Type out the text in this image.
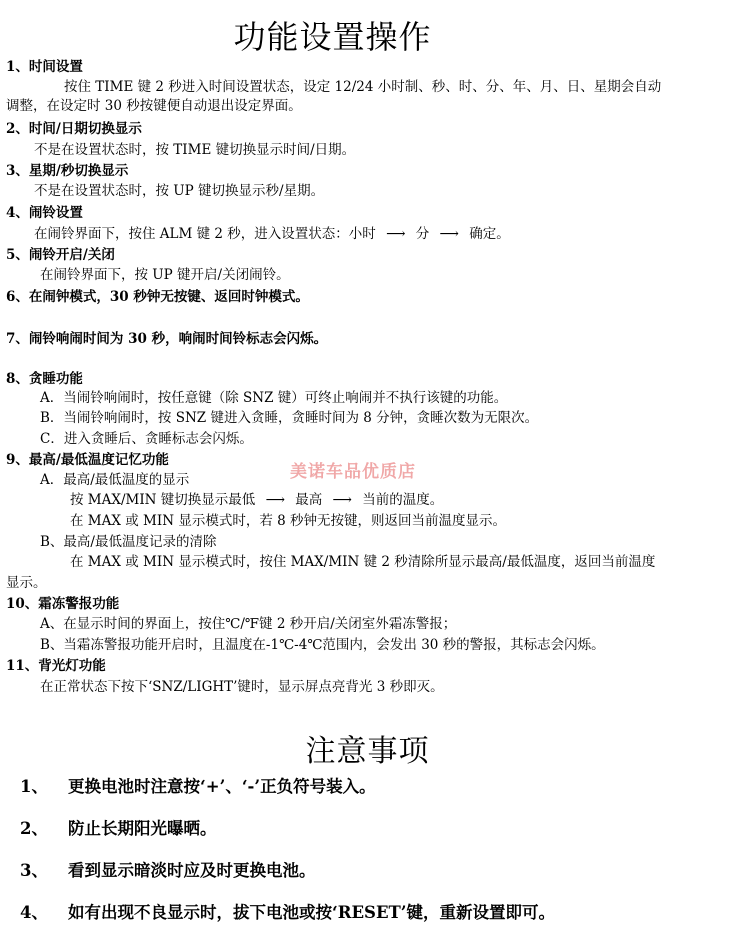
功能设置操作
1、时间设置
按住 TIME 键 2 秒进入时间设置状态，设定 12/24 小时制、秒、时、分、年、月、日、星期会自动
调整，在设定时 30 秒按键便自动退出设定界面。
2、时间/日期切换显示
不是在设置状态时，按 TIME 键切换显示时间/日期。
3、星期/秒切换显示
不是在设置状态时，按 UP 键切换显示秒/星期。
4、闹铃设置
在闹铃界面下，按住 ALM 键 2 秒，进入设置状态：小时 ⟶ 分 ⟶ 确定。
5、闹铃开启/关闭
在闹铃界面下，按 UP 键开启/关闭闹铃。
6、在闹钟模式，30 秒钟无按键、返回时钟模式。
7、闹铃响闹时间为 30 秒，响闹时间铃标志会闪烁。
8、贪睡功能
A．当闹铃响闹时，按任意键（除 SNZ 键）可终止响闹并不执行该键的功能。
B．当闹铃响闹时，按 SNZ 键进入贪睡，贪睡时间为 8 分钟，贪睡次数为无限次。
C．进入贪睡后、贪睡标志会闪烁。
9、最高/最低温度记忆功能
A．最高/最低温度的显示
按 MAX/MIN 键切换显示最低 ⟶ 最高 ⟶ 当前的温度。
在 MAX 或 MIN 显示模式时，若 8 秒钟无按键，则返回当前温度显示。
B、最高/最低温度记录的清除
在 MAX 或 MIN 显示模式时，按住 MAX/MIN 键 2 秒清除所显示最高/最低温度，返回当前温度
显示。
美诺车品优质店
10、霜冻警报功能
A、在显示时间的界面上，按住℃/℉键 2 秒开启/关闭室外霜冻警报；
B、当霜冻警报功能开启时，且温度在-1℃-4℃范围内，会发出 30 秒的警报，其标志会闪烁。
11、背光灯功能
在正常状态下按下‘SNZ/LIGHT’键时，显示屏点亮背光 3 秒即灭。
注意事项
1、 更换电池时注意按‘+’、‘-’正负符号装入。
2、 防止长期阳光曝晒。
3、 看到显示暗淡时应及时更换电池。
4、 如有出现不良显示时，拔下电池或按‘RESET’键，重新设置即可。
